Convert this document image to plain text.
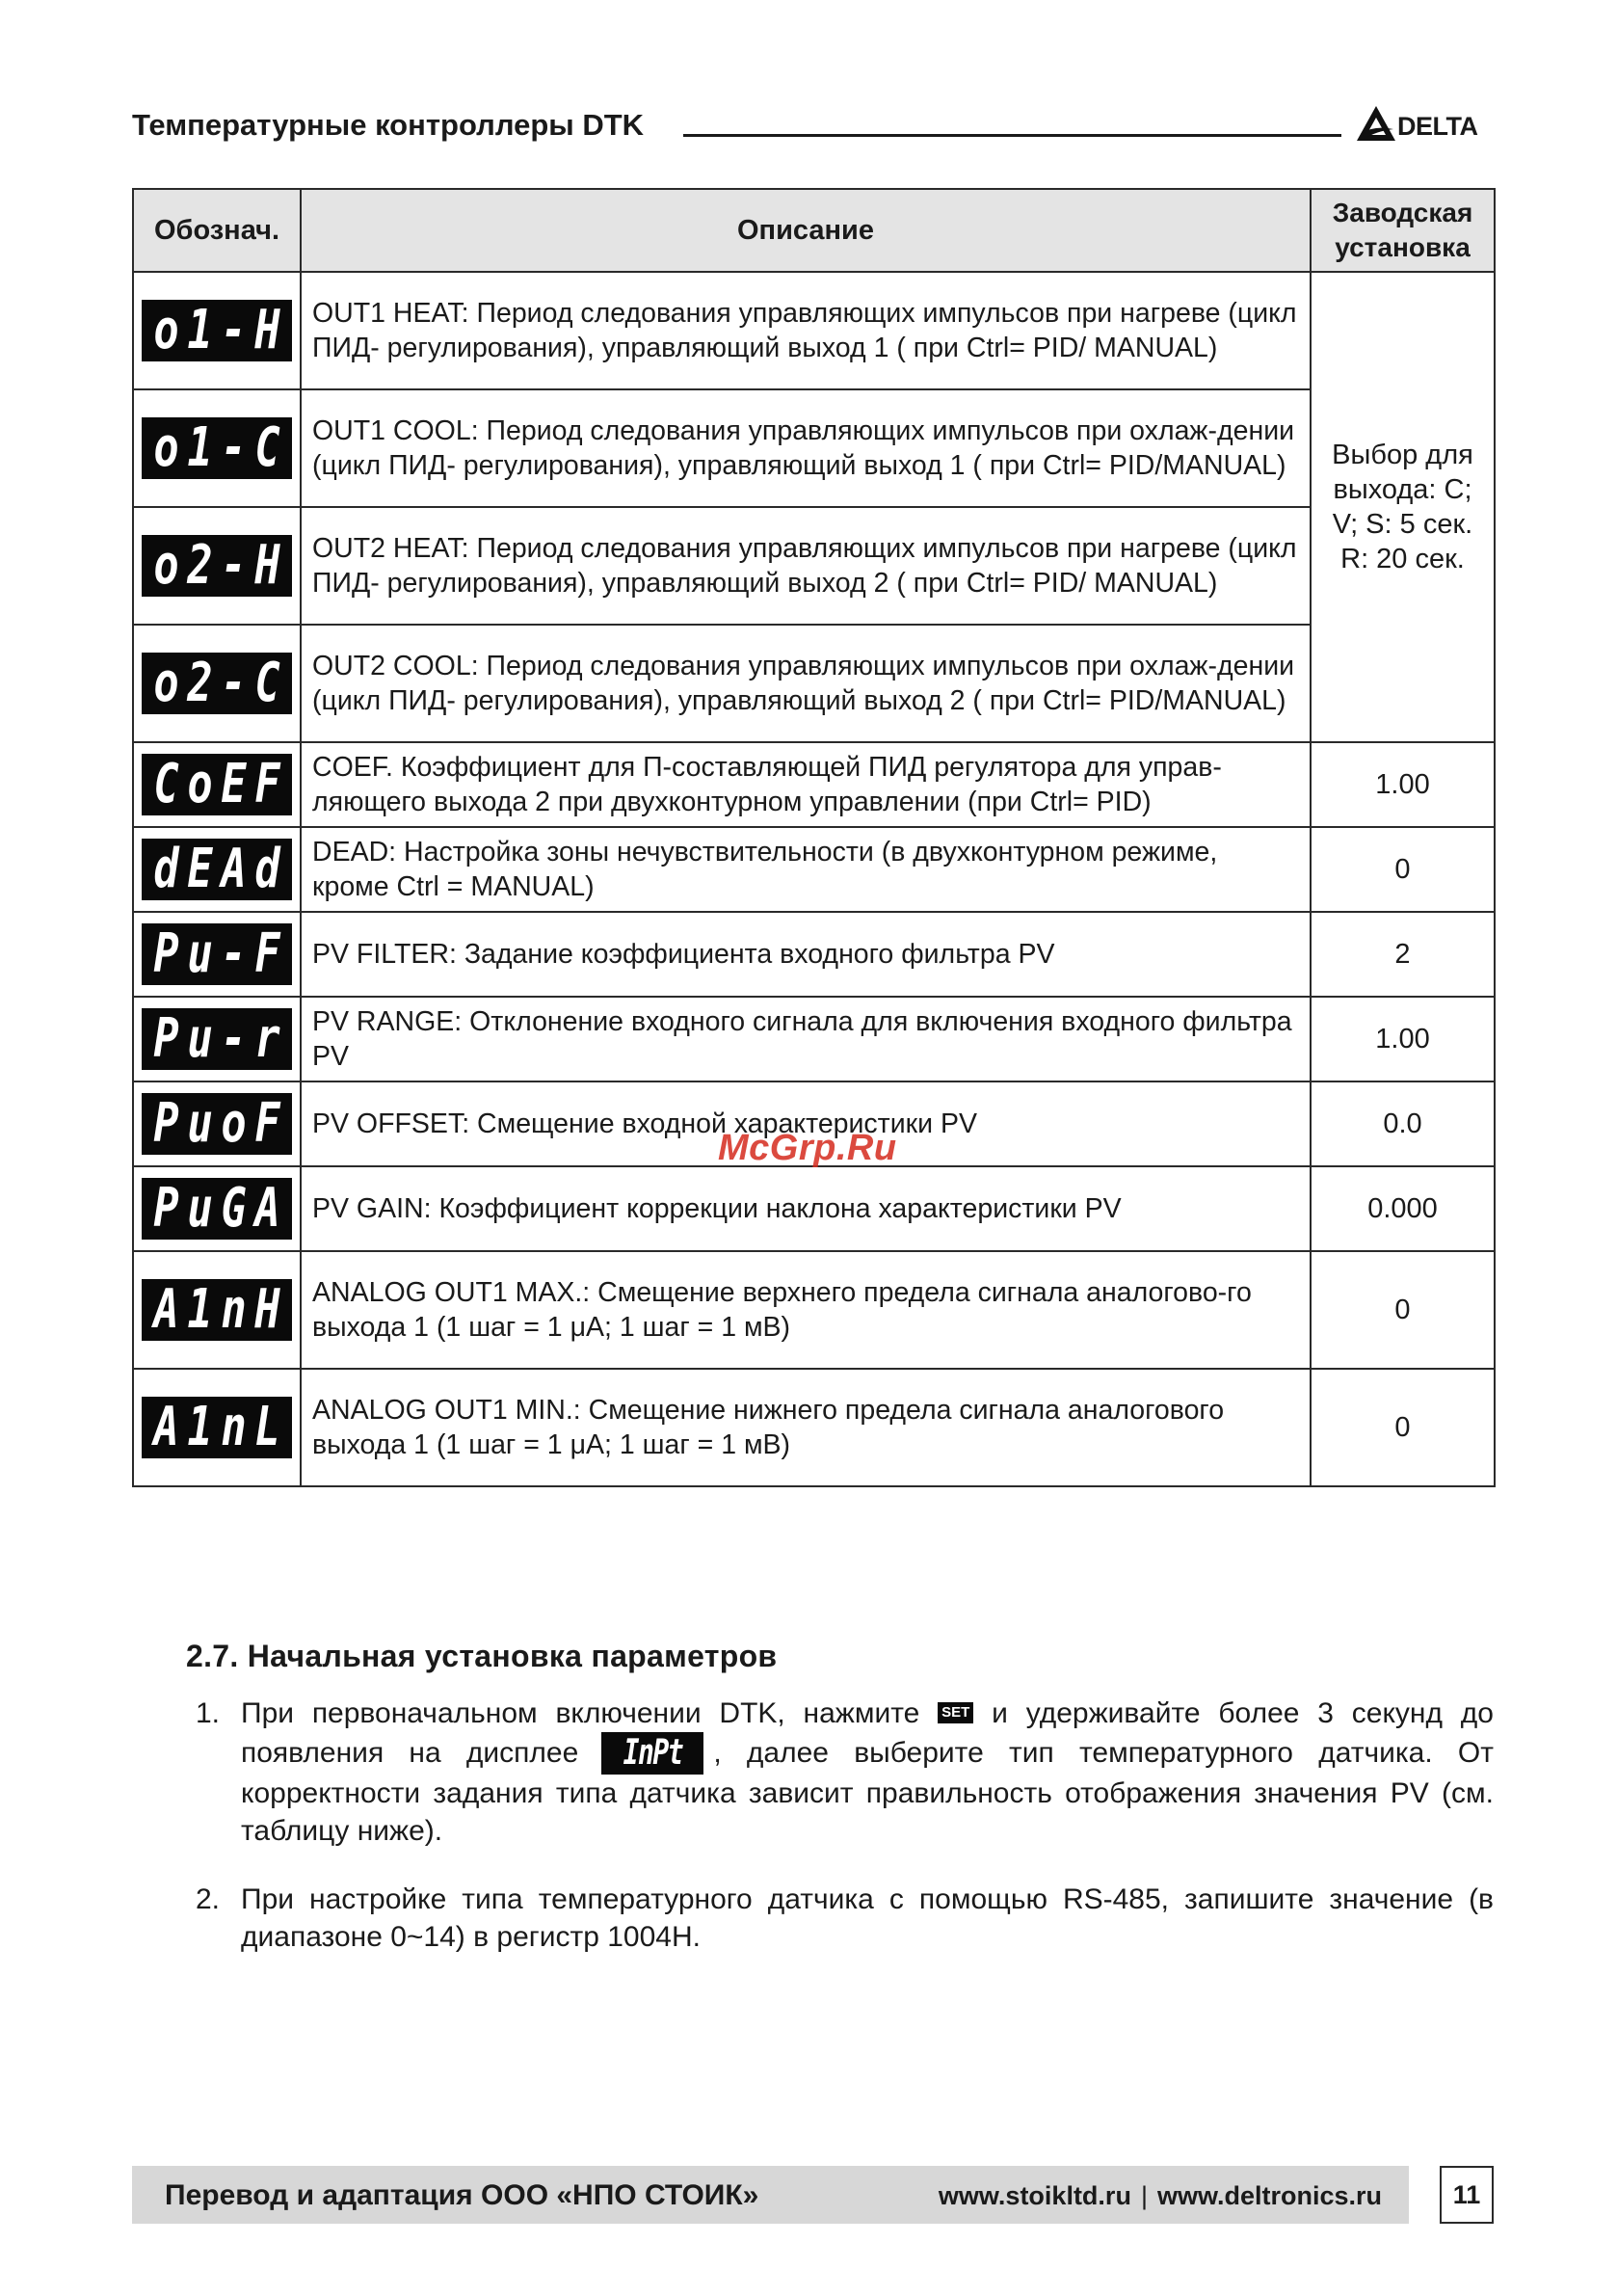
Температурные контроллеры DTK	DELTA
Обознач.	Описание	Заводская установка

o 1 - H	OUT1 HEAT: Период следования управляющих импульсов при нагреве (цикл ПИД- регулирования), управляющий выход 1 ( при Ctrl= PID/ MANUAL)	Выбор для выхода: C; V; S: 5 сек. R: 20 сек.

o 1 - C	OUT1 COOL: Период следования управляющих импульсов при охлаж-дении (цикл ПИД- регулирования), управляющий выход 1 ( при Ctrl= PID/MANUAL)	

o 2 - H	OUT2 HEAT: Период следования управляющих импульсов при нагреве (цикл ПИД- регулирования), управляющий выход 2 ( при Ctrl= PID/ MANUAL)	

o 2 - C	OUT2 COOL: Период следования управляющих импульсов при охлаж-дении (цикл ПИД- регулирования), управляющий выход 2 ( при Ctrl= PID/MANUAL)	

C o E F	COEF. Коэффициент для П-составляющей ПИД регулятора для управ-ляющего выхода 2 при двухконтурном управлении (при Ctrl= PID)	1.00

d E A d	DEAD: Настройка зоны нечувствительности (в двухконтурном режиме, кроме Ctrl = MANUAL)	0

P u - F	PV FILTER: Задание коэффициента входного фильтра PV	2

P u - r	PV RANGE: Отклонение входного сигнала для включения входного фильтра PV	1.00

P u o F	PV OFFSET: Смещение входной характеристики PV	0.0

P u G A	PV GAIN: Коэффициент коррекции наклона характеристики PV	0.000

A 1 n H	ANALOG OUT1 MAX.: Смещение верхнего предела сигнала аналогово-го выхода 1 (1 шаг = 1 μA; 1 шаг = 1 мВ)	0

A 1 n L	ANALOG OUT1 MIN.: Смещение нижнего предела сигнала аналогового выхода 1 (1 шаг = 1 μA; 1 шаг = 1 мВ)	0
McGrp.Ru
2.7. Начальная установка параметров
1. При первоначальном включении DTK, нажмите SET и удерживайте более 3 секунд до появления на дисплее InPt , далее выберите тип температурного датчика. От корректности задания типа датчика зависит правильность отображения значения PV (см. таблицу ниже).
2. При настройке типа температурного датчика с помощью RS-485, запишите значение (в диапазоне 0~14) в регистр 1004H.
Перевод и адаптация ООО «НПО СТОИК»	www.stoikltd.ru | www.deltronics.ru	11
